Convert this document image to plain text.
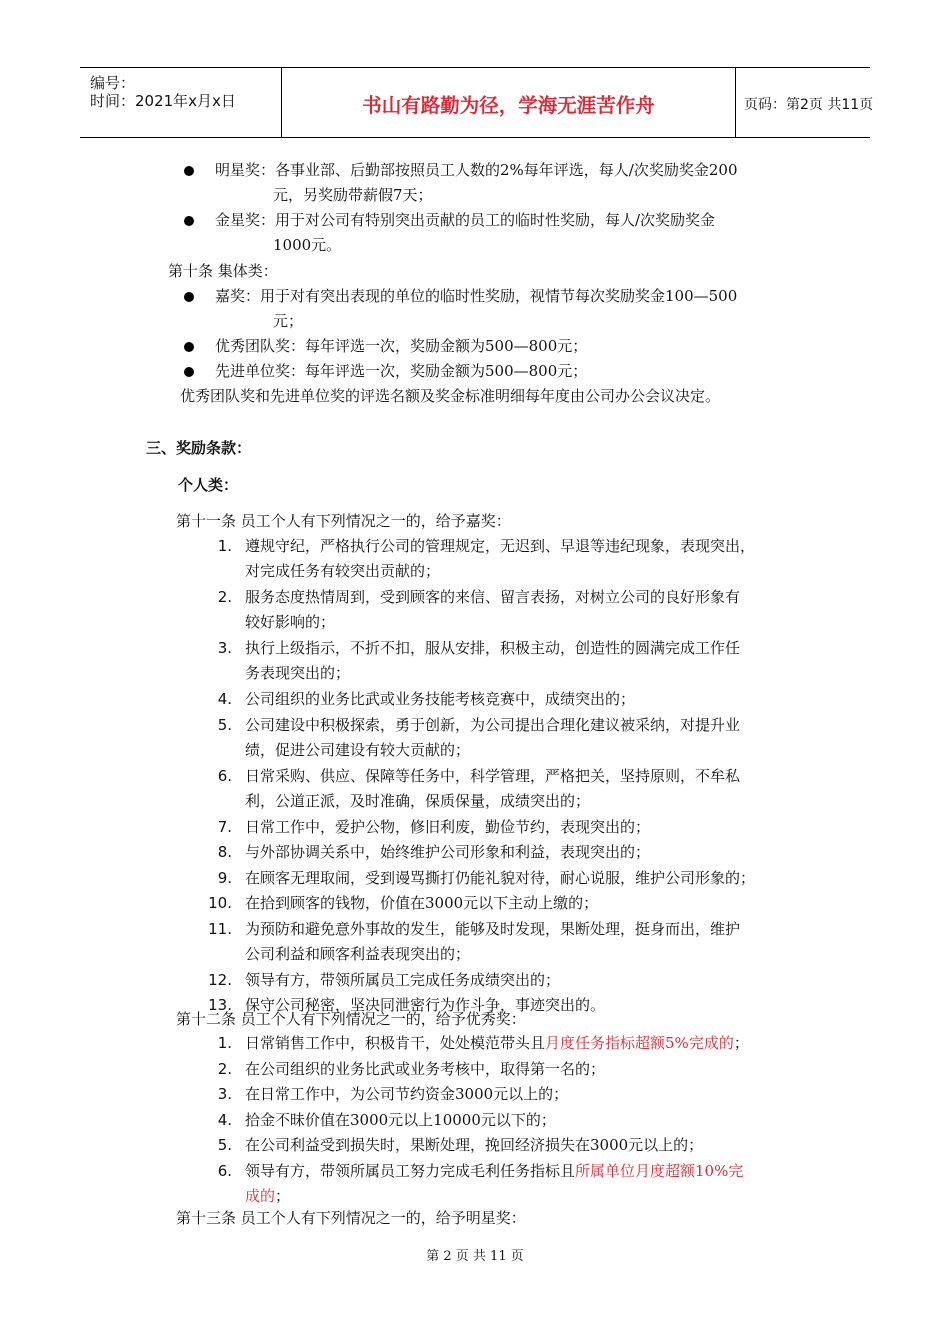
编号：
时间：2021年x月x日	书山有路勤为径，学海无涯苦作舟	页码：第2页 共11页
明星奖：各事业部、后勤部按照员工人数的2%每年评选，每人/次奖励奖金200
元，另奖励带薪假7天；
金星奖：用于对公司有特别突出贡献的员工的临时性奖励，每人/次奖励奖金
1000元。
第十条 集体类：
嘉奖：用于对有突出表现的单位的临时性奖励，视情节每次奖励奖金100—500
元；
优秀团队奖：每年评选一次，奖励金额为500—800元；
先进单位奖：每年评选一次，奖励金额为500—800元；
优秀团队奖和先进单位奖的评选名额及奖金标准明细每年度由公司办公会议决定。
三、奖励条款：
个人类：
第十一条 员工个人有下列情况之一的，给予嘉奖：
1. 遵规守纪，严格执行公司的管理规定，无迟到、早退等违纪现象，表现突出，
对完成任务有较突出贡献的；
2. 服务态度热情周到，受到顾客的来信、留言表扬，对树立公司的良好形象有
较好影响的；
3. 执行上级指示，不折不扣，服从安排，积极主动，创造性的圆满完成工作任
务表现突出的；
4. 公司组织的业务比武或业务技能考核竞赛中，成绩突出的；
5. 公司建设中积极探索，勇于创新，为公司提出合理化建议被采纳，对提升业
绩，促进公司建设有较大贡献的；
6. 日常采购、供应、保障等任务中，科学管理，严格把关，坚持原则，不牟私
利，公道正派，及时准确，保质保量，成绩突出的；
7. 日常工作中，爱护公物，修旧利废，勤俭节约，表现突出的；
8. 与外部协调关系中，始终维护公司形象和利益，表现突出的；
9. 在顾客无理取闹，受到谩骂撕打仍能礼貌对待，耐心说服，维护公司形象的；
10. 在拾到顾客的钱物，价值在3000元以下主动上缴的；
11. 为预防和避免意外事故的发生，能够及时发现，果断处理，挺身而出，维护
公司利益和顾客利益表现突出的；
12. 领导有方，带领所属员工完成任务成绩突出的；
13. 保守公司秘密，坚决同泄密行为作斗争，事迹突出的。
第十二条 员工个人有下列情况之一的，给予优秀奖：
1. 日常销售工作中，积极肯干，处处模范带头且月度任务指标超额5%完成的；
2. 在公司组织的业务比武或业务考核中，取得第一名的；
3. 在日常工作中，为公司节约资金3000元以上的；
4. 拾金不昧价值在3000元以上10000元以下的；
5. 在公司利益受到损失时，果断处理，挽回经济损失在3000元以上的；
6. 领导有方，带领所属员工努力完成毛利任务指标且所属单位月度超额10%完
成的；
第十三条 员工个人有下列情况之一的，给予明星奖：
第 2 页 共 11 页
